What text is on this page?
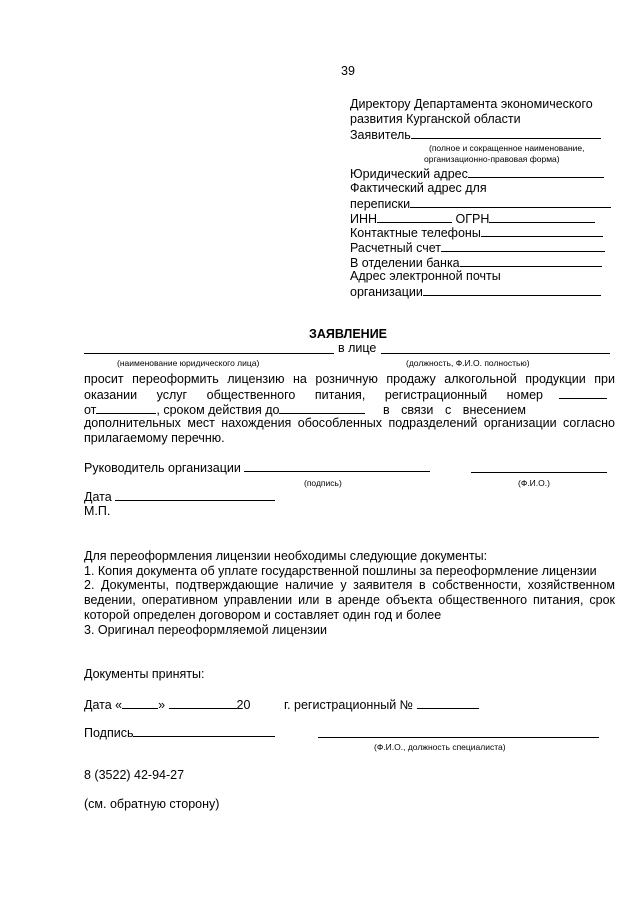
39
Директору Департамента экономического
развития Курганской области
Заявитель
(полное и сокращенное наименование,
организационно-правовая форма)
Юридический адрес
Фактический адрес для
переписки
ИНН	ОГРН
Контактные телефоны
Расчетный счет
В отделении банка
Адрес электронной почты
организации
ЗАЯВЛЕНИЕ
в лице
(наименование юридического лица)	(должность, Ф.И.О. полностью)
просит переоформить лицензию на розничную продажу алкогольной продукции при
оказании услуг общественного питания, регистрационный номер
от	, сроком действия до	в связи с внесением
дополнительных мест нахождения обособленных подразделений организации согласно
прилагаемому перечню.
Руководитель организации
(подпись)	(Ф.И.О.)
Дата
М.П.
Для переоформления лицензии необходимы следующие документы:
1. Копия документа об уплате государственной пошлины за переоформление лицензии
2. Документы, подтверждающие наличие у заявителя в собственности, хозяйственном
ведении, оперативном управлении или в аренде объекта общественного питания, срок
которой определен договором и составляет один год и более
3. Оригинал переоформляемой лицензии
Документы приняты:
Дата «	»	20	г. регистрационный №
Подпись
(Ф.И.О., должность специалиста)
8 (3522) 42-94-27
(см. обратную сторону)
